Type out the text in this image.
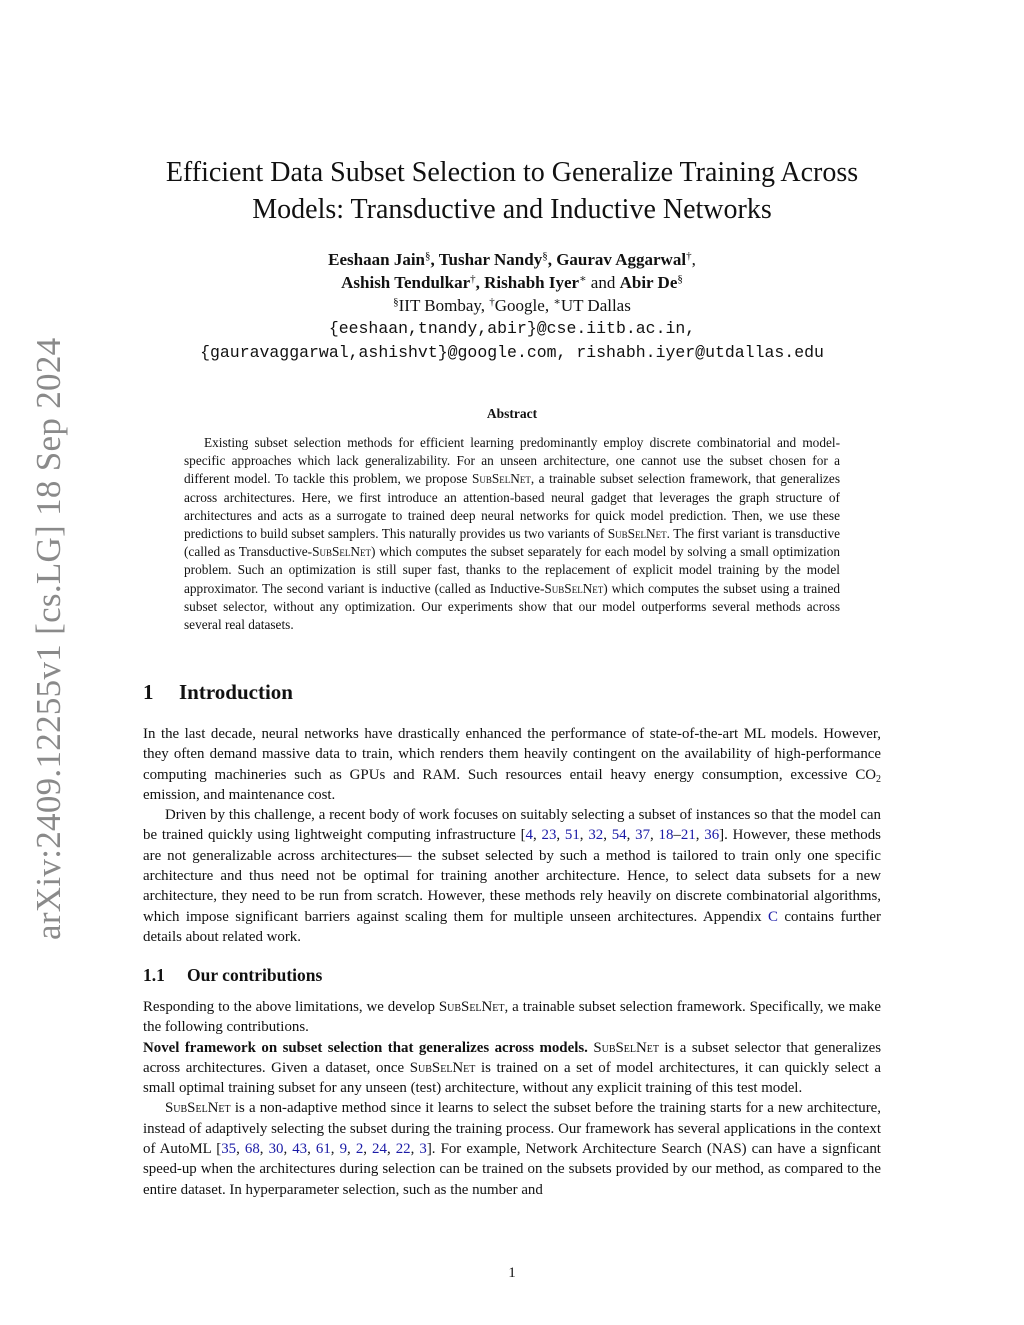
arXiv:2409.12255v1 [cs.LG] 18 Sep 2024
Efficient Data Subset Selection to Generalize Training Across
Models: Transductive and Inductive Networks
Eeshaan Jain§, Tushar Nandy§, Gaurav Aggarwal†,
Ashish Tendulkar†, Rishabh Iyer∗ and Abir De§
§IIT Bombay, †Google, ∗UT Dallas
{eeshaan,tnandy,abir}@cse.iitb.ac.in,
{gauravaggarwal,ashishvt}@google.com, rishabh.iyer@utdallas.edu
Abstract

Existing subset selection methods for efficient learning predominantly employ discrete combinatorial and model-specific approaches which lack generalizability. For an unseen architecture, one cannot use the subset chosen for a different model. To tackle this problem, we propose SubSelNet, a trainable subset selection framework, that generalizes across architectures. Here, we first introduce an attention-based neural gadget that leverages the graph structure of architectures and acts as a surrogate to trained deep neural networks for quick model prediction. Then, we use these predictions to build subset samplers. This naturally provides us two variants of SubSelNet. The first variant is transductive (called as Transductive-SubSelNet) which computes the subset separately for each model by solving a small optimization problem. Such an optimization is still super fast, thanks to the replacement of explicit model training by the model approximator. The second variant is inductive (called as Inductive-SubSelNet) which computes the subset using a trained subset selector, without any optimization. Our experiments show that our model outperforms several methods across several real datasets.

1 Introduction

In the last decade, neural networks have drastically enhanced the performance of state-of-the-art ML models. However, they often demand massive data to train, which renders them heavily contingent on the availability of high-performance computing machineries such as GPUs and RAM. Such resources entail heavy energy consumption, excessive $CO_2$ emission, and maintenance cost.

Driven by this challenge, a recent body of work focuses on suitably selecting a subset of instances so that the model can be trained quickly using lightweight computing infrastructure [4, 23, 51, 32, 54, 37, 18–21, 36]. However, these methods are not generalizable across architectures— the subset selected by such a method is tailored to train only one specific architecture and thus need not be optimal for training another architecture. Hence, to select data subsets for a new architecture, they need to be run from scratch. However, these methods rely heavily on discrete combinatorial algorithms, which impose significant barriers against scaling them for multiple unseen architectures. Appendix C contains further details about related work.

1.1 Our contributions

Responding to the above limitations, we develop SubSelNet, a trainable subset selection framework. Specifically, we make the following contributions.

Novel framework on subset selection that generalizes across models. SubSelNet is a subset selector that generalizes across architectures. Given a dataset, once SubSelNet is trained on a set of model architectures, it can quickly select a small optimal training subset for any unseen (test) architecture, without any explicit training of this test model.

SubSelNet is a non-adaptive method since it learns to select the subset before the training starts for a new architecture, instead of adaptively selecting the subset during the training process. Our framework has several applications in the context of AutoML [35, 68, 30, 43, 61, 9, 2, 24, 22, 3]. For example, Network Architecture Search (NAS) can have a signficant speed-up when the architectures during selection can be trained on the subsets provided by our method, as compared to the entire dataset. In hyperparameter selection, such as the number and

1
